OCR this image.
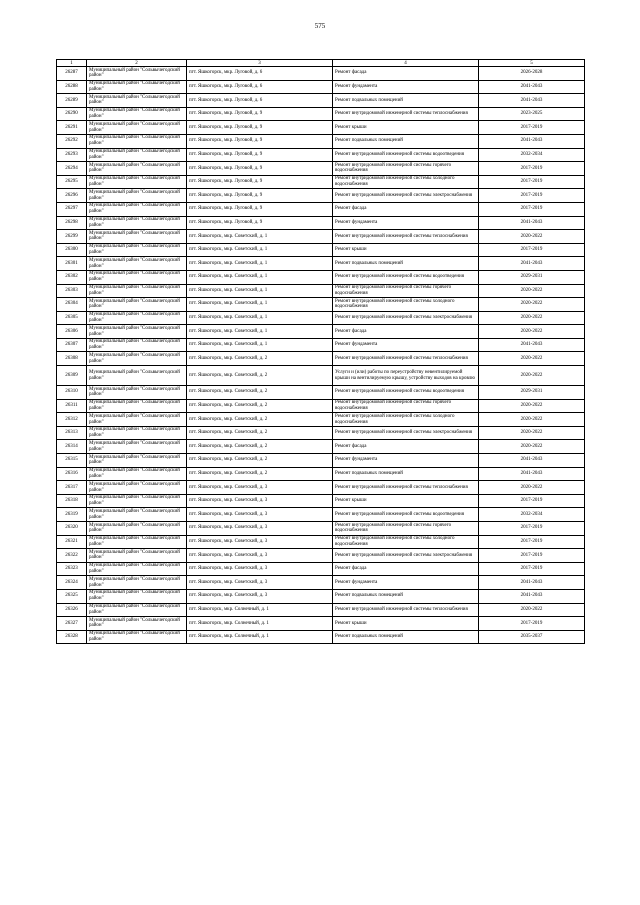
575
1	2	3	4	5
26287	Муниципальный район "Сольвычегодский район"	пгт. Яшкогорск, мкр. Луговой, д. 6	Ремонт фасада	2026-2028
26288	Муниципальный район "Сольвычегодский район"	пгт. Яшкогорск, мкр. Луговой, д. 6	Ремонт фундамента	2041-2043
26289	Муниципальный район "Сольвычегодский район"	пгт. Яшкогорск, мкр. Луговой, д. 6	Ремонт подвальных помещений	2041-2043
26290	Муниципальный район "Сольвычегодский район"	пгт. Яшкогорск, мкр. Луговой, д. 9	Ремонт внутридомовой инженерной системы теплоснабжения	2023-2025
26291	Муниципальный район "Сольвычегодский район"	пгт. Яшкогорск, мкр. Луговой, д. 9	Ремонт крыши	2017-2019
26292	Муниципальный район "Сольвычегодский район"	пгт. Яшкогорск, мкр. Луговой, д. 9	Ремонт подвальных помещений	2041-2043
26293	Муниципальный район "Сольвычегодский район"	пгт. Яшкогорск, мкр. Луговой, д. 9	Ремонт внутридомовой инженерной системы водоотведения	2032-2034
26294	Муниципальный район "Сольвычегодский район"	пгт. Яшкогорск, мкр. Луговой, д. 9	Ремонт внутридомовой инженерной системы горячего водоснабжения	2017-2019
26295	Муниципальный район "Сольвычегодский район"	пгт. Яшкогорск, мкр. Луговой, д. 9	Ремонт внутридомовой инженерной системы холодного водоснабжения	2017-2019
26296	Муниципальный район "Сольвычегодский район"	пгт. Яшкогорск, мкр. Луговой, д. 9	Ремонт внутридомовой инженерной системы электроснабжения	2017-2019
26297	Муниципальный район "Сольвычегодский район"	пгт. Яшкогорск, мкр. Луговой, д. 9	Ремонт фасада	2017-2019
26298	Муниципальный район "Сольвычегодский район"	пгт. Яшкогорск, мкр. Луговой, д. 9	Ремонт фундамента	2041-2043
26299	Муниципальный район "Сольвычегодский район"	пгт. Яшкогорск, мкр. Советский, д. 1	Ремонт внутридомовой инженерной системы теплоснабжения	2020-2022
26300	Муниципальный район "Сольвычегодский район"	пгт. Яшкогорск, мкр. Советский, д. 1	Ремонт крыши	2017-2019
26301	Муниципальный район "Сольвычегодский район"	пгт. Яшкогорск, мкр. Советский, д. 1	Ремонт подвальных помещений	2041-2043
26302	Муниципальный район "Сольвычегодский район"	пгт. Яшкогорск, мкр. Советский, д. 1	Ремонт внутридомовой инженерной системы водоотведения	2029-2031
26303	Муниципальный район "Сольвычегодский район"	пгт. Яшкогорск, мкр. Советский, д. 1	Ремонт внутридомовой инженерной системы горячего водоснабжения	2020-2022
26304	Муниципальный район "Сольвычегодский район"	пгт. Яшкогорск, мкр. Советский, д. 1	Ремонт внутридомовой инженерной системы холодного водоснабжения	2020-2022
26305	Муниципальный район "Сольвычегодский район"	пгт. Яшкогорск, мкр. Советский, д. 1	Ремонт внутридомовой инженерной системы электроснабжения	2020-2022
26306	Муниципальный район "Сольвычегодский район"	пгт. Яшкогорск, мкр. Советский, д. 1	Ремонт фасада	2020-2022
26307	Муниципальный район "Сольвычегодский район"	пгт. Яшкогорск, мкр. Советский, д. 1	Ремонт фундамента	2041-2043
26308	Муниципальный район "Сольвычегодский район"	пгт. Яшкогорск, мкр. Советский, д. 2	Ремонт внутридомовой инженерной системы теплоснабжения	2020-2022
26309	Муниципальный район "Сольвычегодский район"	пгт. Яшкогорск, мкр. Советский, д. 2	Услуги и (или) работы по переустройству невентилируемой крыши на вентилируемую крышу, устройству выходов на кровлю	2020-2022
26310	Муниципальный район "Сольвычегодский район"	пгт. Яшкогорск, мкр. Советский, д. 2	Ремонт внутридомовой инженерной системы водоотведения	2029-2031
26311	Муниципальный район "Сольвычегодский район"	пгт. Яшкогорск, мкр. Советский, д. 2	Ремонт внутридомовой инженерной системы горячего водоснабжения	2020-2022
26312	Муниципальный район "Сольвычегодский район"	пгт. Яшкогорск, мкр. Советский, д. 2	Ремонт внутридомовой инженерной системы холодного водоснабжения	2020-2022
26313	Муниципальный район "Сольвычегодский район"	пгт. Яшкогорск, мкр. Советский, д. 2	Ремонт внутридомовой инженерной системы электроснабжения	2020-2022
26314	Муниципальный район "Сольвычегодский район"	пгт. Яшкогорск, мкр. Советский, д. 2	Ремонт фасада	2020-2022
26315	Муниципальный район "Сольвычегодский район"	пгт. Яшкогорск, мкр. Советский, д. 2	Ремонт фундамента	2041-2043
26316	Муниципальный район "Сольвычегодский район"	пгт. Яшкогорск, мкр. Советский, д. 2	Ремонт подвальных помещений	2041-2043
26317	Муниципальный район "Сольвычегодский район"	пгт. Яшкогорск, мкр. Советский, д. 3	Ремонт внутридомовой инженерной системы теплоснабжения	2020-2022
26318	Муниципальный район "Сольвычегодский район"	пгт. Яшкогорск, мкр. Советский, д. 3	Ремонт крыши	2017-2019
26319	Муниципальный район "Сольвычегодский район"	пгт. Яшкогорск, мкр. Советский, д. 3	Ремонт внутридомовой инженерной системы водоотведения	2032-2034
26320	Муниципальный район "Сольвычегодский район"	пгт. Яшкогорск, мкр. Советский, д. 3	Ремонт внутридомовой инженерной системы горячего водоснабжения	2017-2019
26321	Муниципальный район "Сольвычегодский район"	пгт. Яшкогорск, мкр. Советский, д. 3	Ремонт внутридомовой инженерной системы холодного водоснабжения	2017-2019
26322	Муниципальный район "Сольвычегодский район"	пгт. Яшкогорск, мкр. Советский, д. 3	Ремонт внутридомовой инженерной системы электроснабжения	2017-2019
26323	Муниципальный район "Сольвычегодский район"	пгт. Яшкогорск, мкр. Советский, д. 3	Ремонт фасада	2017-2019
26324	Муниципальный район "Сольвычегодский район"	пгт. Яшкогорск, мкр. Советский, д. 3	Ремонт фундамента	2041-2043
26325	Муниципальный район "Сольвычегодский район"	пгт. Яшкогорск, мкр. Советский, д. 3	Ремонт подвальных помещений	2041-2043
26326	Муниципальный район "Сольвычегодский район"	пгт. Яшкогорск, мкр. Солнечный, д. 1	Ремонт внутридомовой инженерной системы теплоснабжения	2020-2022
26327	Муниципальный район "Сольвычегодский район"	пгт. Яшкогорск, мкр. Солнечный, д. 1	Ремонт крыши	2017-2019
26328	Муниципальный район "Сольвычегодский район"	пгт. Яшкогорск, мкр. Солнечный, д. 1	Ремонт подвальных помещений	2035-2037
